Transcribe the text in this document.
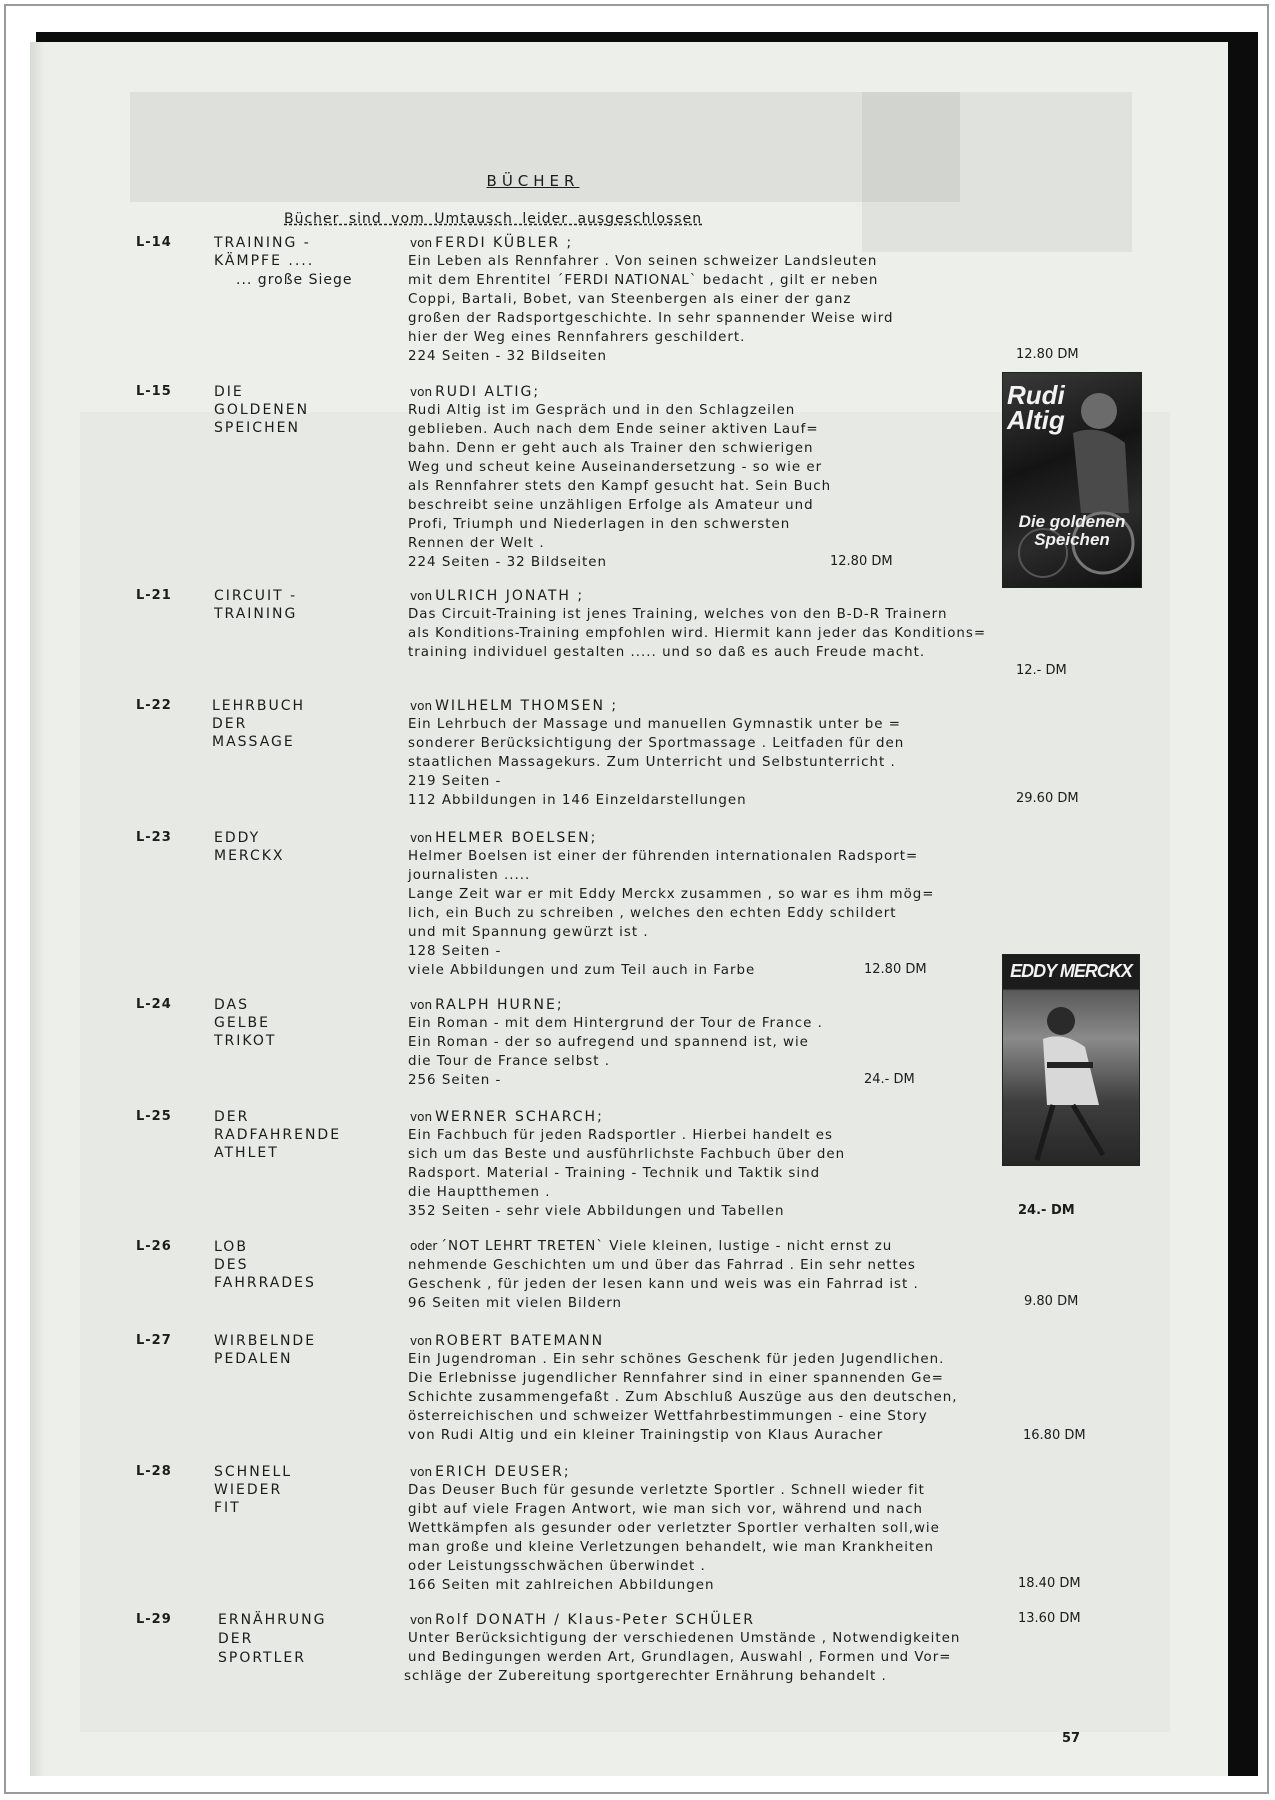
BÜCHER
Bücher sind vom Umtausch leider ausgeschlossen
L-14	TRAINING -
KÄMPFE ....
... große Siege
von FERDI KÜBLER ;
Ein Leben als Rennfahrer . Von seinen schweizer Landsleuten
mit dem Ehrentitel ´FERDI NATIONAL` bedacht , gilt er neben
Coppi, Bartali, Bobet, van Steenbergen als einer der ganz
großen der Radsportgeschichte. In sehr spannender Weise wird
hier der Weg eines Rennfahrers geschildert.
224 Seiten - 32 Bildseiten	12.80 DM
L-15	DIE
GOLDENEN
SPEICHEN
von RUDI ALTIG;
Rudi Altig ist im Gespräch und in den Schlagzeilen
geblieben. Auch nach dem Ende seiner aktiven Lauf=
bahn. Denn er geht auch als Trainer den schwierigen
Weg und scheut keine Auseinandersetzung - so wie er
als Rennfahrer stets den Kampf gesucht hat. Sein Buch
beschreibt seine unzähligen Erfolge als Amateur und
Profi, Triumph und Niederlagen in den schwersten
Rennen der Welt .
224 Seiten - 32 Bildseiten	12.80 DM
Rudi Altig
Die goldenen Speichen
L-21	CIRCUIT -
TRAINING
von ULRICH JONATH ;
Das Circuit-Training ist jenes Training, welches von den B-D-R Trainern
als Konditions-Training empfohlen wird. Hiermit kann jeder das Konditions=
training individuel gestalten ..... und so daß es auch Freude macht.
12.- DM
L-22	LEHRBUCH
DER
MASSAGE
von WILHELM THOMSEN ;
Ein Lehrbuch der Massage und manuellen Gymnastik unter be =
sonderer Berücksichtigung der Sportmassage . Leitfaden für den
staatlichen Massagekurs. Zum Unterricht und Selbstunterricht .
219 Seiten -
112 Abbildungen in 146 Einzeldarstellungen	29.60 DM
L-23	EDDY
MERCKX
von HELMER BOELSEN;
Helmer Boelsen ist einer der führenden internationalen Radsport=
journalisten .....
Lange Zeit war er mit Eddy Merckx zusammen , so war es ihm mög=
lich, ein Buch zu schreiben , welches den echten Eddy schildert
und mit Spannung gewürzt ist .
128 Seiten -
viele Abbildungen und zum Teil auch in Farbe	12.80 DM	EDDY MERCKX
L-24	DAS
GELBE
TRIKOT
von RALPH HURNE;
Ein Roman - mit dem Hintergrund der Tour de France .
Ein Roman - der so aufregend und spannend ist, wie
die Tour de France selbst .
256 Seiten -	24.- DM
L-25	DER
RADFAHRENDE
ATHLET
von WERNER SCHARCH;
Ein Fachbuch für jeden Radsportler . Hierbei handelt es
sich um das Beste und ausführlichste Fachbuch über den
Radsport. Material - Training - Technik und Taktik sind
die Hauptthemen .
352 Seiten - sehr viele Abbildungen und Tabellen	24.- DM
L-26	LOB
DES
FAHRRADES
oder ´NOT LEHRT TRETEN` Viele kleinen, lustige - nicht ernst zu
nehmende Geschichten um und über das Fahrrad . Ein sehr nettes
Geschenk , für jeden der lesen kann und weis was ein Fahrrad ist .
96 Seiten mit vielen Bildern	9.80 DM
L-27	WIRBELNDE
PEDALEN
von ROBERT BATEMANN
Ein Jugendroman . Ein sehr schönes Geschenk für jeden Jugendlichen.
Die Erlebnisse jugendlicher Rennfahrer sind in einer spannenden Ge=
Schichte zusammengefaßt . Zum Abschluß Auszüge aus den deutschen,
österreichischen und schweizer Wettfahrbestimmungen - eine Story
von Rudi Altig und ein kleiner Trainingstip von Klaus Auracher	16.80 DM
L-28	SCHNELL
WIEDER
FIT
von ERICH DEUSER;
Das Deuser Buch für gesunde verletzte Sportler . Schnell wieder fit
gibt auf viele Fragen Antwort, wie man sich vor, während und nach
Wettkämpfen als gesunder oder verletzter Sportler verhalten soll,wie
man große und kleine Verletzungen behandelt, wie man Krankheiten
oder Leistungsschwächen überwindet .
166 Seiten mit zahlreichen Abbildungen	18.40 DM
L-29	ERNÄHRUNG
DER
SPORTLER
von Rolf DONATH / Klaus-Peter SCHÜLER
Unter Berücksichtigung der verschiedenen Umstände , Notwendigkeiten
und Bedingungen werden Art, Grundlagen, Auswahl , Formen und Vor=
schläge der Zubereitung sportgerechter Ernährung behandelt .
13.60 DM
57
